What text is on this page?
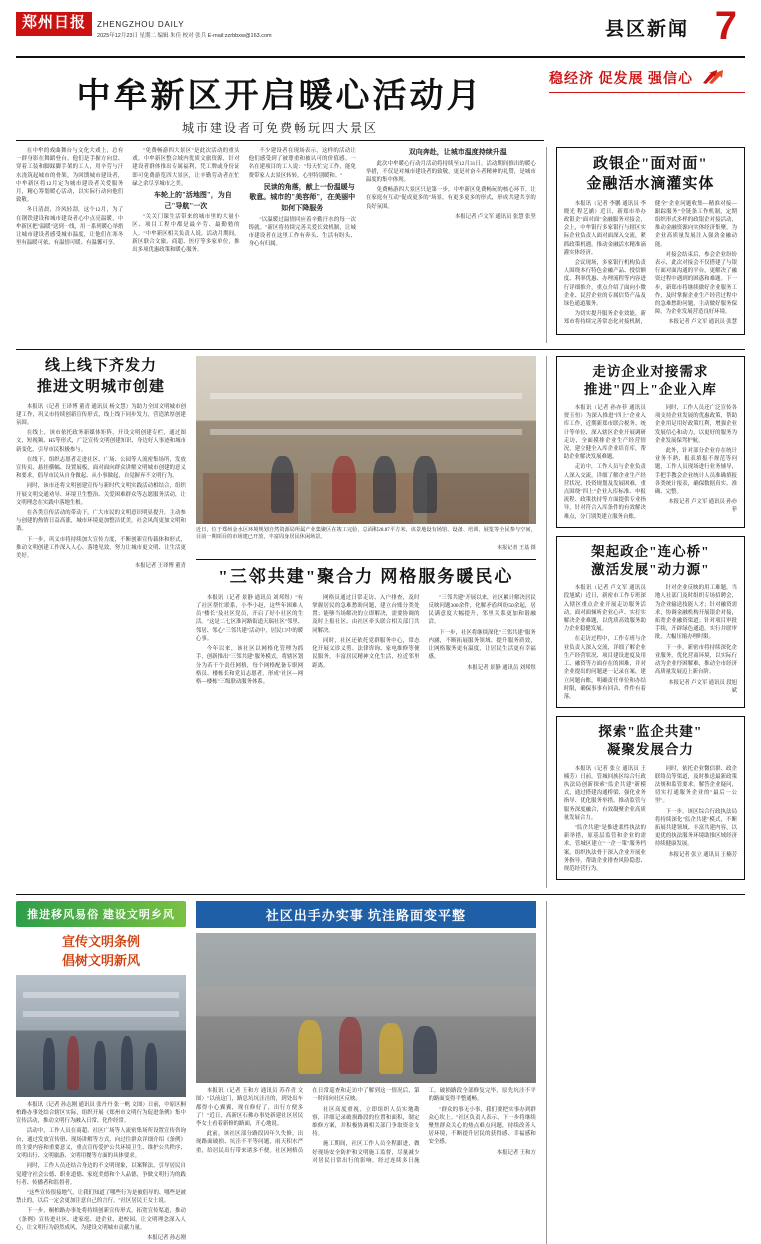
郑州日报	ZHENGZHOU DAILY
2025年12月23日 星期二 编辑 朱佳 校对 张兵 E-mail:zzrbbxw@163.com	县区新闻 7
中牟新区开启暖心活动月
城市建设者可免费畅玩四大景区
稳经济 促发展 强信心

在中牟的戏曲舞台与文化大戏上，总有一群身影在舞蹈登台。他们是手握方向盘、穿着工装和脚踩脚手架的工人，用辛劳与汗水浇筑起城市的骨架。为回馈城市建设者，中牟新区将12月定为城市建设者关爱服务月，精心筹划暖心活动，以实际行动向他们致敬。

冬日清晨，冷风轻刮，这个12月，为了在钢铁建设和城市建设者心中点亮温暖，中牟新区把"温暖"送到一线，用一系列暖心举措让城市建设者感受城市温度，让他们在寒冬里有温暖可依、有温情可暖、有温馨可享。

"免费畅游四大景区"是此次活动的重头戏。中牟新区整合域内优质文旅资源，针对建设者群体推出专属福利，凭工牌或身份证即可免费游览四大景区，让辛勤劳动者在忙碌之余尽享城市之美。

车轮上的"活地图"，为自己"导航"一次

"关关门课生活带来的城市里的大量小区、项目工程中都是最辛劳、最勤勉的人。"中牟新区相关负责人说。活动月期间，新区联合文旅、商超、医疗等多家单位，推出多项优惠政策和暖心服务。

不少建设者在现场表示，这样的活动让他们感受到了被尊重和被认可的价值感。一名在建项目的工人说："每天忙完工作，能免费带家人去景区转转，心里特别暖和。"

民读的角落，献上一份温暖与敬意。城市的"美容师"，在美丽中如何下降服务

"以温暖过温情回应着辛勤汗水的每一次铸就。"新区将持续完善关爱长效机制，让城市建设者在这里工作有奔头、生活有盼头、身心有归属。

双向奔赴，让城市温度持续升温

此次中牟暖心行动月活动将持续至12月31日。活动期间推出的暖心举措，不仅是对城市建设者的致敬，更是对奋斗者精神的礼赞，是城市温度的集中体现。

免费畅游四大景区只是第一步，中牟新区免费畅玩的核心环节。让在家庭有互动"促成更多的"场景，有更多更多的形式，形成共建共享的良好氛围。

本报记者 卢文军 通讯员 张慧 张坚

政银企"面对面"
金融活水滴灌实体

本报讯（记者 李鹏 通讯员 李晓光 程艺涵）近日，新郑市举办政银企"面对面"金融服务对接会，会上，中牟银行多家银行与辖区实际企业负责人面对面深入交流，紧抓政策机遇，推动金融活水精准滴灌实体经济。

会议现场，多家银行机构负责人围绕本行特色金融产品、授信额度、利率优惠、办理流程等内容进行详细推介，重点介绍了面向小微企业、民营企业的专属信贷产品及绿色通道服务。

为切实提升服务企业效能，新郑市将持续完善常态化对接机制，健全"企业问题收集—精准对接—跟踪服务"全链条工作机制，定期组织形式多样的政银企对接活动，推动金融资源向实体经济集聚，为企业高质量发展注入强劲金融动能。

对接会结束后，参会企业纷纷表示，此次对接会不仅搭建了与银行面对面沟通的平台，更解决了融资过程中遇到的困惑和难题。下一步，新郑市将继续做好企业服务工作，及时掌握企业生产经营过程中的急难愁盼问题，主动做好服务保障，为企业发展营造良好环境。

本报记者 卢文军 通讯员 张慧

线上线下齐发力
推进文明城市创建

本报讯（记者 王译博 董青 通讯员 杨文慧）为助力全国文明城市创建工作，巩义市持续创新宣传形式，线上线下同步发力，营造浓厚创建氛围。

在线上，该市依托政务新媒体矩阵，开设文明创建专栏，通过图文、短视频、H5等形式，广泛宣传文明创建知识、身边好人事迹和城市新变化，引导市民积极参与。

在线下，组织志愿者走进社区、广场、公园等人流密集场所，发放宣传页、悬挂横幅、设置展板，面对面向群众讲解文明城市创建的意义和要求，倡导市民从自身做起、从小事做起，自觉摒弃不文明行为。

同时，该市还将文明创建宣传与新时代文明实践活动相结合，组织开展文明交通劝导、环境卫生整治、关爱困难群众等志愿服务活动，让文明理念在实践中落地生根。

在各类宣传活动的带动下，广大市民的文明意识明显提升，主动参与创建的热情日益高涨，城市环境更加整洁优美，社会风尚更加文明和谐。

下一步，巩义市将持续加大宣传力度，不断创新宣传载体和形式，推动文明创建工作深入人心、落地见效，努力让城市更文明、让生活更美好。

本报记者 王译博 董青

近日，位于郑州金水区环境规划自然资源局所属产业集聚区在竣工完验，总面积28.87平方米，该景地设有场馆、设备、培训、展览等全民参与空间，目前一期项目的市场建已开放，丰富周身居民休闲场景。
本报记者 王基 摄
"三邻共建"聚合力 网格服务暖民心

本报讯（记者 景静 通讯员 刘邦煜）"有了社区帮忙联系，小李小赵，这些年困难人员"楼长"及社区党员，开启了好小社区的生活。"这是二七区淮河路街道天瑞社区"邻里、邻居、邻心"三邻共建"活动中，居民口中的暖心事。

今年以来，该社区以网格化管理为抓手，创新推出"三邻共建"服务模式，将辖区划分为若干个责任网格，每个网格配备专职网格员、楼栋长和党员志愿者，形成"社区—网格—楼栋"三级联动服务体系。

网格员通过日常走访、入户排查，及时掌握居民的急难愁盼问题，建立台账分类处置；能够当场解决的立即解决，需要协调的及时上报社区，由社区牵头联合相关部门共同解决。

同时，社区还依托党群服务中心，常态化开展义诊义剪、法律咨询、家电维修等便民服务，丰富居民精神文化生活，拉近邻里距离。

"三邻共建"开展以来，社区累计解决居民反映问题300余件，化解矛盾纠纷50余起，居民满意度大幅提升，邻里关系更加和谐融洽。

下一步，社区将继续深化"三邻共建"服务内涵，不断拓展服务领域、提升服务质效，让网格服务更有温度，让居民生活更有幸福感。

本报记者 景静 通讯员 刘邦煜

走访企业对接需求
推进"四上"企业入库

本报讯（记者 孙亦菲 通讯员 贾玉恒）为深入推进"四上"企业入库工作，近期新郑市联合税务、统计等单位，深入辖区企业开展调研走访，全面摸排企业生产经营情况，建立健全入库企业培育库，帮助企业解决发展难题。

走访中，工作人员与企业负责人深入交流，详细了解企业生产经营状况、投资规划及发展困难，重点围绕"四上"企业入库标准、申报流程、政策扶持等方面提供专业指导，针对符合入库条件的有效解决难点，分门别类建立服务台账。

同时，工作人员还广泛宣传各项支持企业发展的优惠政策，帮助企业用足用好政策红利，增强企业发展信心和动力，以更好的服务为企业发展保驾护航。

此外，针对部分企业存在统计业务不熟、报表填报不规范等问题，工作人员现场进行业务辅导，手把手教会企业统计人员准确填报各类统计报表，确保数据真实、准确、完整。

本报记者 卢文军 通讯员 孙亦菲

架起政企"连心桥"
激活发展"动力源"

本报讯（记者 卢文军 通讯员 段旭斌）近日，新密市工作专班深入辖区重点企业开展走访服务活动，面对面倾听企业心声、实打实解决企业难题，以优质高效服务助力企业稳健发展。

在走访过程中，工作专班与企业负责人深入交流，详细了解企业生产经营状况、项目建设进度及用工、融资等方面存在的困难，并对企业提出的问题逐一记录在案，建立问题台账，明确责任单位和办结时限，确保事事有回音、件件有着落。

针对企业反映的用工难题，当地人社部门及时组织专场招聘会，为企业输送技能人才；针对融资需求，协调金融机构开展银企对接，拓宽企业融资渠道；针对项目审批手续，开辟绿色通道，实行并联审批，大幅压缩办理时限。

下一步，新密市将持续深化企业服务，优化营商环境，以实际行动为企业纾困解难，推动全市经济高质量发展迈上新台阶。

本报记者 卢文军 通讯员 段旭斌

探索"监企共建"
凝聚发展合力

本报讯（记者 张立 通讯员 王楠芳）日前，管城回族区综合行政执法局创新探索"监企共建"新模式，通过搭建沟通桥梁、强化业务指导、优化服务举措，推动监管与服务深度融合，有效凝聚企业高质量发展合力。

"监企共建"是推进柔性执法的新举措，原基层监管和企业的需求，管城区建立"一企一策"服务档案，组织执法骨干深入企业开展业务指导，帮助企业排查风险隐患、规范经营行为。

同时，依托企业微信群、政企联络员等渠道，及时推送最新政策法规和监管要求，解答企业疑问，切实打通服务企业的"最后一公里"。

下一步，该区综合行政执法局将持续深化"监企共建"模式，不断拓展共建领域、丰富共建内容，以更优的执法服务环境助推区域经济持续健康发展。

本报记者 张立 通讯员 王楠芳

推进移风易俗 建设文明乡风
宣传文明条例
倡树文明新风

本报讯（记者 孙志刚 通讯员 张丹丹 张一帆 文图）日前，中原区桐柏路办事处结合辖区实际，组织开展《郑州市文明行为促进条例》集中宣传活动，推动文明行为融入日常、化作经常。

活动中，工作人员在商超、社区广场等人流密集场所设置宣传咨询台，通过发放宣传册、现场讲解等方式，向过往群众详细介绍《条例》的主要内容和重要意义，重点宣传爱护公共环境卫生、维护公共秩序、文明出行、文明旅游、文明用餐等方面的具体要求。

同时，工作人员还结合身边的不文明现象，以案释法，引导居民自觉遵守社会公德、职业道德、家庭美德和个人品德，争做文明行为的践行者、传播者和监督者。

"这些宣传很接地气，让我们知道了哪些行为是被倡导的、哪些是被禁止的，以后一定会更加注意自己的言行。"社区居民王女士说。

下一步，桐柏路办事处将持续创新宣传形式，拓宽宣传渠道，推动《条例》宣传进社区、进家庭、进企业、进校园，让文明理念深入人心，让文明行为蔚然成风，为建设文明城市贡献力量。

本报记者 孙志刚

社区出手办实事 坑洼路面变平整

本报讯（记者 王和方 通讯员 苏乔青 文图）"以前这门，路总坑坑洼洼的，到处出车都得小心翼翼，现在修好了，出行方便多了！"近日，高新区石佛办事处新建社区居民李女士看着新修的路面，开心地说。

此前，该社区部分路段因年久失修，出现路面破损、坑洼不平等问题，雨天积水严重，给居民出行带来诸多不便。社区网格员在日常巡查和走访中了解到这一情况后，第一时间向社区反映。

社区高度重视，立即组织人员实地勘察，详细记录破损路段的位置和面积，制定维修方案，并积极协调相关部门争取资金支持。

施工期间，社区工作人员全程跟进，做好现场安全防护和文明施工监督，尽量减少对居民日常出行的影响。经过连续多日施工，破损路段全部修复完毕，原先坑洼不平的路面变得平整通畅。

"群众的事无小事，我们要把实事办到群众心坎上。"社区负责人表示，下一步将继续聚焦群众关心的热点难点问题，持续改善人居环境，不断提升居民的获得感、幸福感和安全感。

本报记者 王和方
